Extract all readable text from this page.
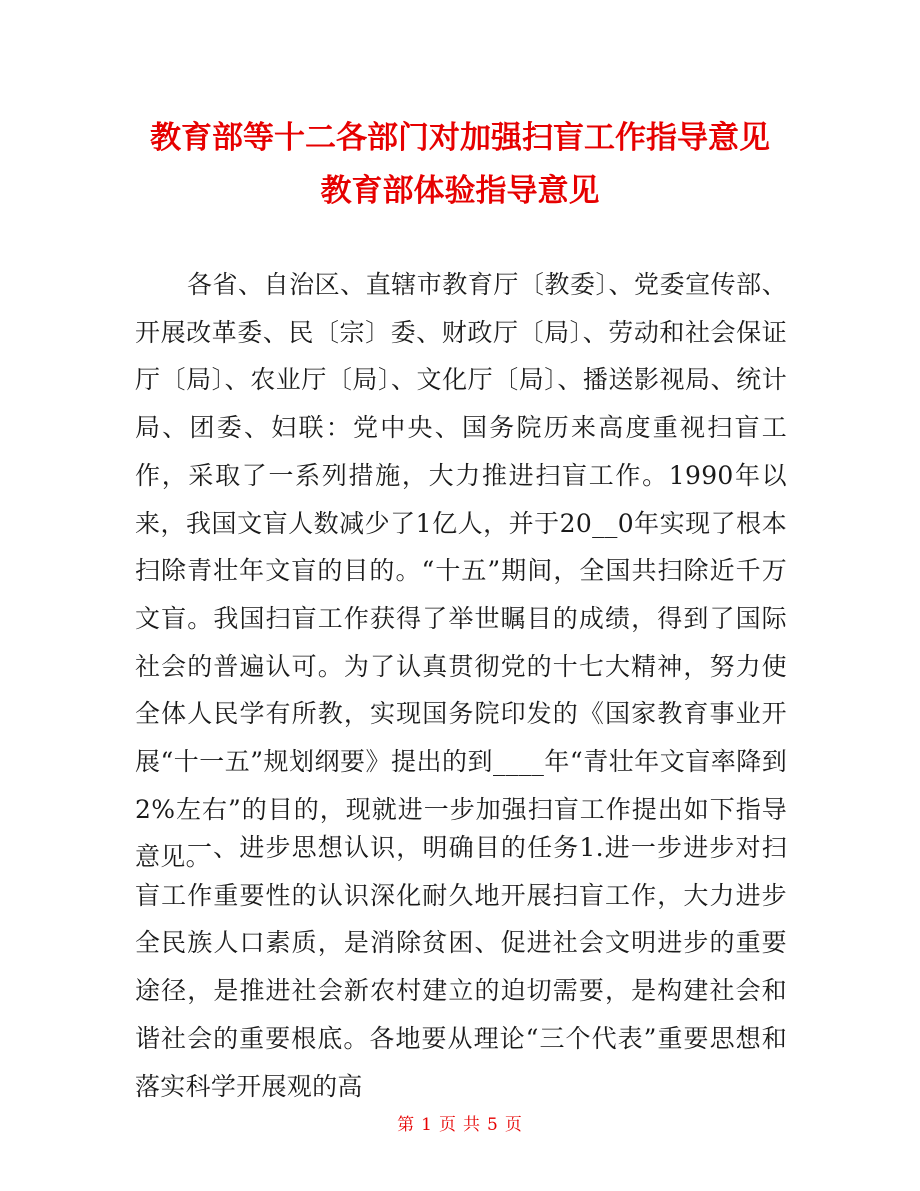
教育部等十二各部门对加强扫盲工作指导意见
教育部体验指导意见

各省、自治区、直辖市教育厅〔教委〕、党委宣传部、开展改革委、民〔宗〕委、财政厅〔局〕、劳动和社会保证厅〔局〕、农业厅〔局〕、文化厅〔局〕、播送影视局、统计局、团委、妇联：党中央、国务院历来高度重视扫盲工作，采取了一系列措施，大力推进扫盲工作。1990年以来，我国文盲人数减少了1亿人，并于20__0年实现了根本扫除青壮年文盲的目的。“十五”期间，全国共扫除近千万文盲。我国扫盲工作获得了举世瞩目的成绩，得到了国际社会的普遍认可。为了认真贯彻党的十七大精神，努力使全体人民学有所教，实现国务院印发的《国家教育事业开展“十一五”规划纲要》提出的到____年“青壮年文盲率降到2%左右”的目的，现就进一步加强扫盲工作提出如下指导意见。

一、进步思想认识，明确目的任务1.进一步进步对扫盲工作重要性的认识深化耐久地开展扫盲工作，大力进步全民族人口素质，是消除贫困、促进社会文明进步的重要途径，是推进社会新农村建立的迫切需要，是构建社会和谐社会的重要根底。各地要从理论“三个代表”重要思想和落实科学开展观的高

第 1 页 共 5 页
